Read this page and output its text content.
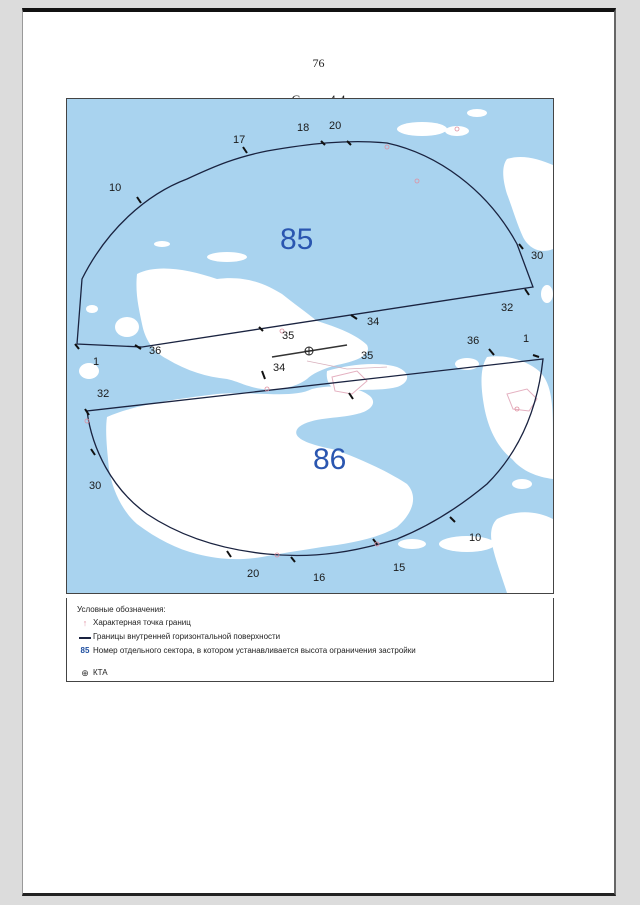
76
85
86
17
18 20
10
30
32
34
35
36
1
36	1
35
34
32
30
20	16
15
10
Условные обозначения:
↑ Характерная точка границ
Границы внутренней горизонтальной поверхности
85 Номер отдельного сектора, в котором устанавливается высота ограничения застройки
⊕ КТА
